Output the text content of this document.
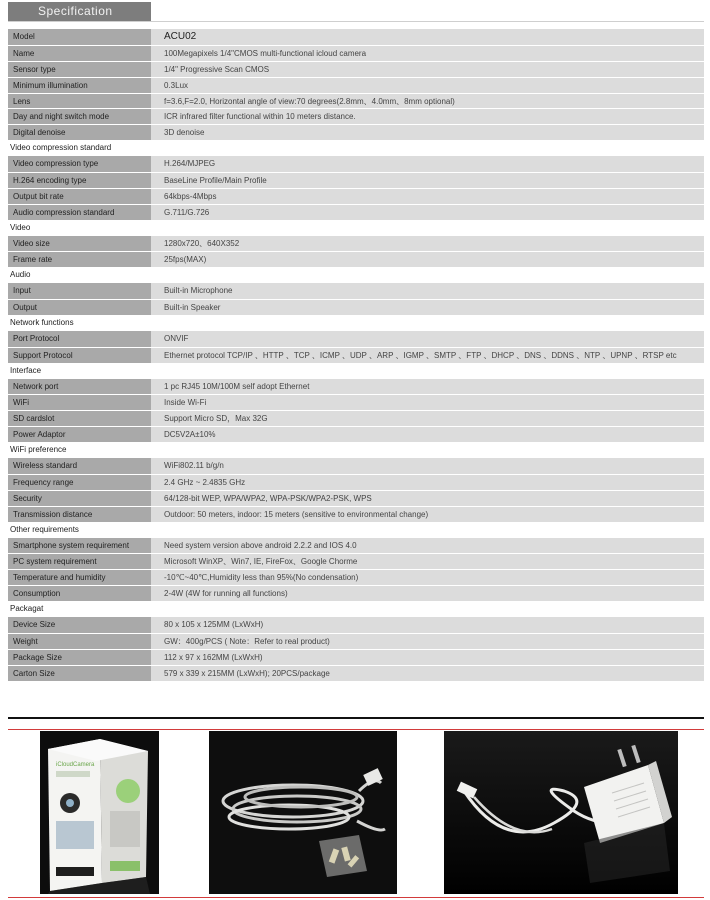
Specification
Model	ACU02
Name	100Megapixels 1/4"CMOS multi-functional icloud camera
Sensor type	1/4" Progressive Scan CMOS
Minimum illumination	0.3Lux
Lens	f=3.6,F=2.0, Horizontal angle of view:70 degrees(2.8mm、4.0mm、8mm optional)
Day and night switch mode	ICR infrared filter functional within 10 meters distance.
Digital denoise	3D denoise
Video compression standard
Video compression type	H.264/MJPEG
H.264 encoding type	BaseLine Profile/Main Profile
Output bit rate	64kbps-4Mbps
Audio compression standard	G.711/G.726
Video
Video size	1280x720、640X352
Frame rate	25fps(MAX)
Audio
Input	Built-in Microphone
Output	Built-in Speaker
Network functions
Port Protocol	ONVIF
Support Protocol	Ethernet protocol TCP/IP 、HTTP 、TCP 、ICMP 、UDP 、ARP 、IGMP 、SMTP 、FTP 、DHCP 、DNS 、DDNS 、NTP 、UPNP 、RTSP etc
Interface
Network port	1 pc RJ45 10M/100M self adopt Ethernet
WiFi	Inside Wi-Fi
SD cardslot	Support Micro SD，Max 32G
Power Adaptor	DC5V2A±10%
WiFi preference
Wireless standard	WiFi802.11 b/g/n
Frequency range	2.4 GHz ~ 2.4835 GHz
Security	64/128-bit WEP, WPA/WPA2, WPA-PSK/WPA2-PSK, WPS
Transmission distance	Outdoor: 50 meters, indoor: 15 meters (sensitive to environmental change)
Other requirements
Smartphone system requirement	Need system version above android 2.2.2 and IOS 4.0
PC system requirement	Microsoft WinXP、Win7, IE, FireFox、Google Chorme
Temperature and humidity	-10℃~40℃,Humidity less than 95%(No condensation)
Consumption	2-4W (4W for running all functions)
Packagat
Device Size	80 x 105 x 125MM (LxWxH)
Weight	GW：400g/PCS ( Note：Refer to real product)
Package Size	112 x 97 x 162MM (LxWxH)
Carton Size	579 x 339 x 215MM (LxWxH); 20PCS/package
iCloudCamera
